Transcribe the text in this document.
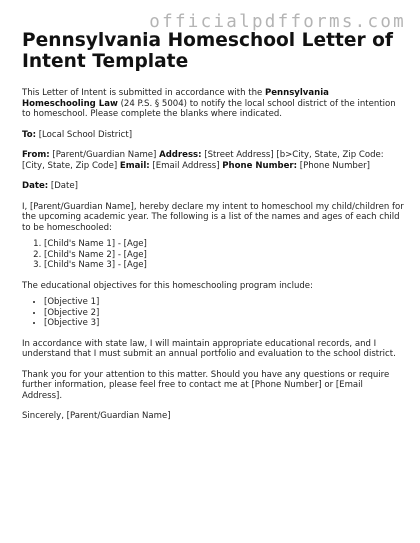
officialpdfforms.com
Pennsylvania Homeschool Letter of Intent Template

This Letter of Intent is submitted in accordance with the Pennsylvania Homeschooling Law (24 P.S. § 5004) to notify the local school district of the intention to homeschool. Please complete the blanks where indicated.

To: [Local School District]

From: [Parent/Guardian Name] Address: [Street Address] [b>City, State, Zip Code: [City, State, Zip Code] Email: [Email Address] Phone Number: [Phone Number]

Date: [Date]

I, [Parent/Guardian Name], hereby declare my intent to homeschool my child/children for the upcoming academic year. The following is a list of the names and ages of each child to be homeschooled:

1. [Child's Name 1] - [Age]
2. [Child's Name 2] - [Age]
3. [Child's Name 3] - [Age]

The educational objectives for this homeschooling program include:

• [Objective 1]
• [Objective 2]
• [Objective 3]

In accordance with state law, I will maintain appropriate educational records, and I understand that I must submit an annual portfolio and evaluation to the school district.

Thank you for your attention to this matter. Should you have any questions or require further information, please feel free to contact me at [Phone Number] or [Email Address].

Sincerely, [Parent/Guardian Name]
